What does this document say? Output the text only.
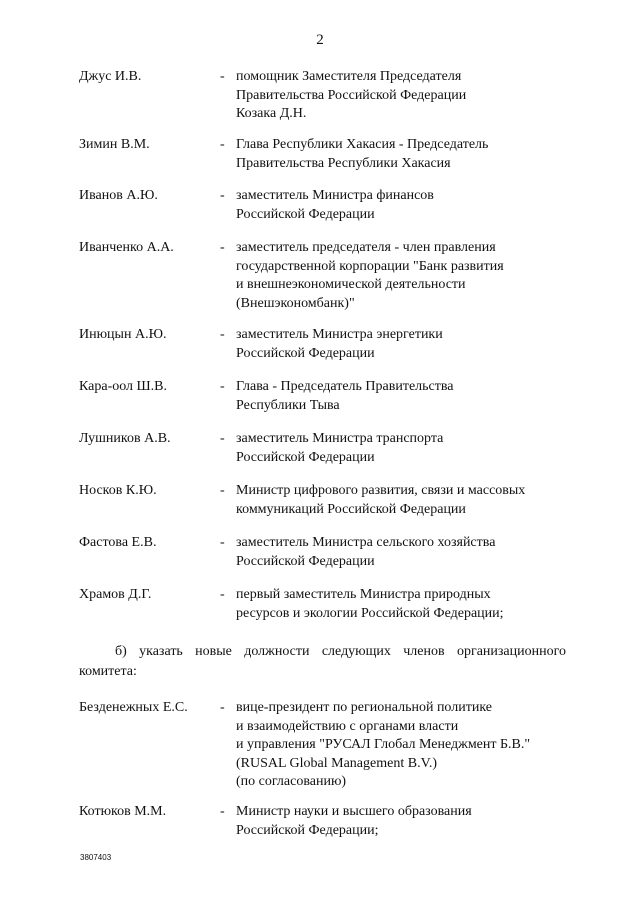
2
Джус И.В.	- помощник Заместителя Председателя
Правительства Российской Федерации
Козака Д.Н.
Зимин В.М.	- Глава Республики Хакасия - Председатель
Правительства Республики Хакасия
Иванов А.Ю.	- заместитель Министра финансов
Российской Федерации
Иванченко А.А.	- заместитель председателя - член правления
государственной корпорации "Банк развития
и внешнеэкономической деятельности
(Внешэкономбанк)"
Инюцын А.Ю.	- заместитель Министра энергетики
Российской Федерации
Кара-оол Ш.В.	- Глава - Председатель Правительства
Республики Тыва
Лушников А.В.	- заместитель Министра транспорта
Российской Федерации
Носков К.Ю.	- Министр цифрового развития, связи и массовых
коммуникаций Российской Федерации
Фастова Е.В.	- заместитель Министра сельского хозяйства
Российской Федерации
Храмов Д.Г.	- первый заместитель Министра природных
ресурсов и экологии Российской Федерации;
б) указать новые должности следующих членов организационного
комитета:
Безденежных Е.С. - вице-президент по региональной политике
и взаимодействию с органами власти
и управления "РУСАЛ Глобал Менеджмент Б.В."
(RUSAL Global Management B.V.)
(по согласованию)
Котюков М.М.	- Министр науки и высшего образования
Российской Федерации;
3807403
